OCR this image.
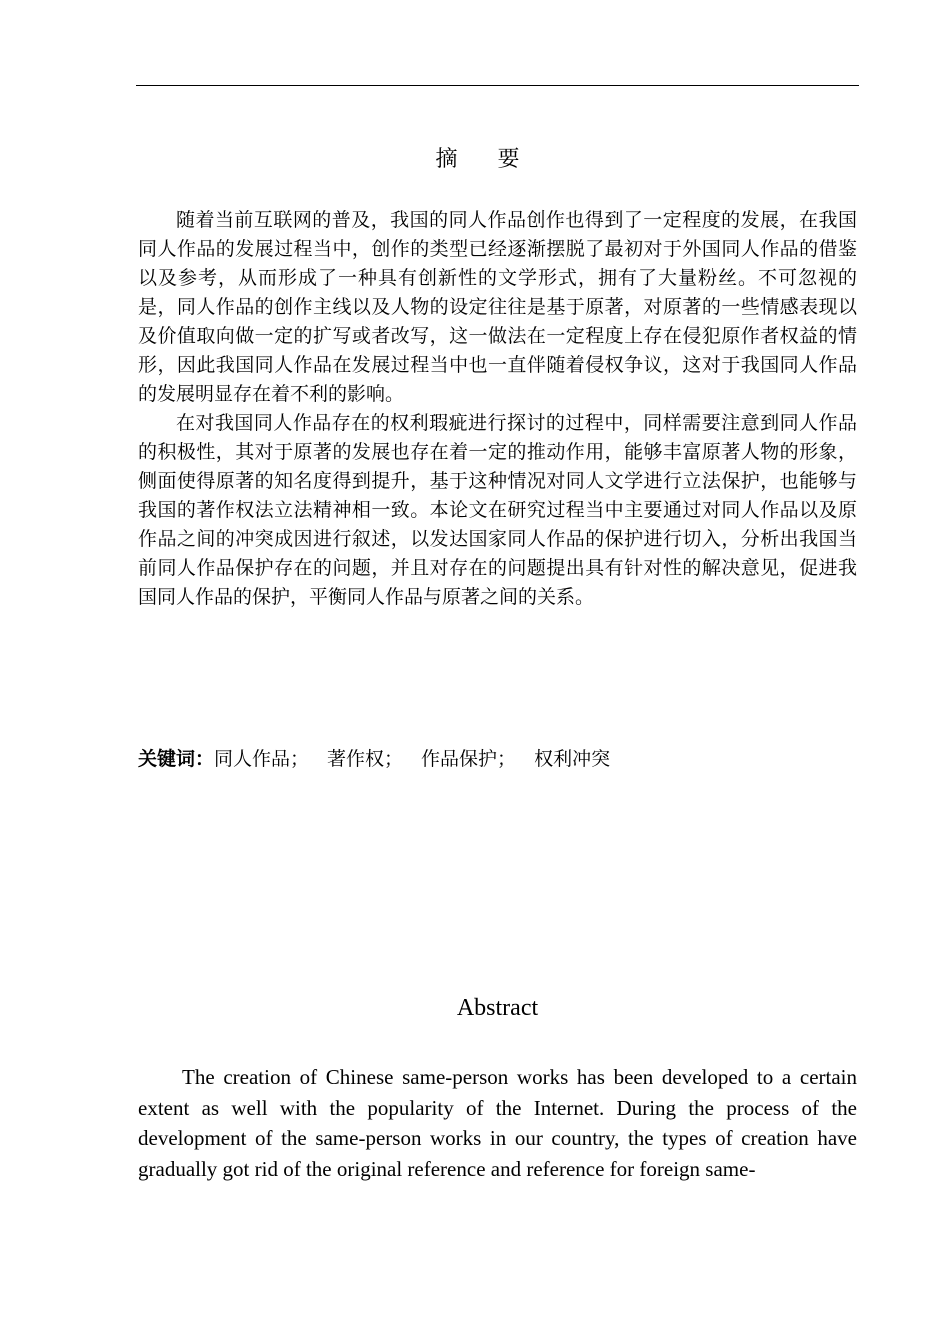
摘要

随着当前互联网的普及，我国的同人作品创作也得到了一定程度的发展，在我国同人作品的发展过程当中，创作的类型已经逐渐摆脱了最初对于外国同人作品的借鉴以及参考，从而形成了一种具有创新性的文学形式，拥有了大量粉丝。不可忽视的是，同人作品的创作主线以及人物的设定往往是基于原著，对原著的一些情感表现以及价值取向做一定的扩写或者改写，这一做法在一定程度上存在侵犯原作者权益的情形，因此我国同人作品在发展过程当中也一直伴随着侵权争议，这对于我国同人作品的发展明显存在着不利的影响。

在对我国同人作品存在的权利瑕疵进行探讨的过程中，同样需要注意到同人作品的积极性，其对于原著的发展也存在着一定的推动作用，能够丰富原著人物的形象，侧面使得原著的知名度得到提升，基于这种情况对同人文学进行立法保护，也能够与我国的著作权法立法精神相一致。本论文在研究过程当中主要通过对同人作品以及原作品之间的冲突成因进行叙述，以发达国家同人作品的保护进行切入，分析出我国当前同人作品保护存在的问题，并且对存在的问题提出具有针对性的解决意见，促进我国同人作品的保护，平衡同人作品与原著之间的关系。

关键词：同人作品； 著作权； 作品保护； 权利冲突
Abstract

The creation of Chinese same-person works has been developed to a certain extent as well with the popularity of the Internet. During the process of the development of the same-person works in our country, the types of creation have gradually got rid of the original reference and reference for foreign same-
